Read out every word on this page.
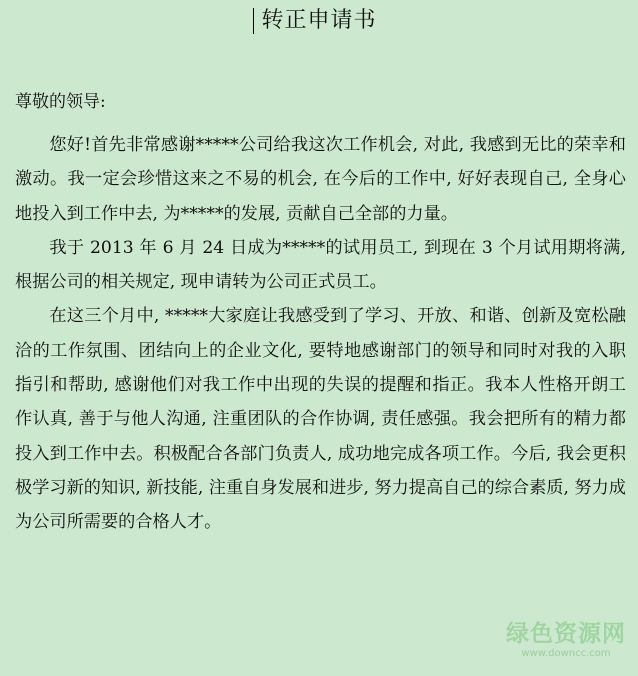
转正申请书
尊敬的领导:

您好!首先非常感谢*****公司给我这次工作机会, 对此, 我感到无比的荣幸和激动。我一定会珍惜这来之不易的机会, 在今后的工作中, 好好表现自己, 全身心地投入到工作中去, 为*****的发展, 贡献自己全部的力量。

我于 2013 年 6 月 24 日成为*****的试用员工, 到现在 3 个月试用期将满, 根据公司的相关规定, 现申请转为公司正式员工。

在这三个月中, *****大家庭让我感受到了学习、开放、和谐、创新及宽松融洽的工作氛围、团结向上的企业文化, 要特地感谢部门的领导和同时对我的入职指引和帮助, 感谢他们对我工作中出现的失误的提醒和指正。我本人性格开朗工作认真, 善于与他人沟通, 注重团队的合作协调, 责任感强。我会把所有的精力都投入到工作中去。积极配合各部门负责人, 成功地完成各项工作。今后, 我会更积极学习新的知识, 新技能, 注重自身发展和进步, 努力提高自己的综合素质, 努力成为公司所需要的合格人才。

绿色资源网
www.downcc.com
